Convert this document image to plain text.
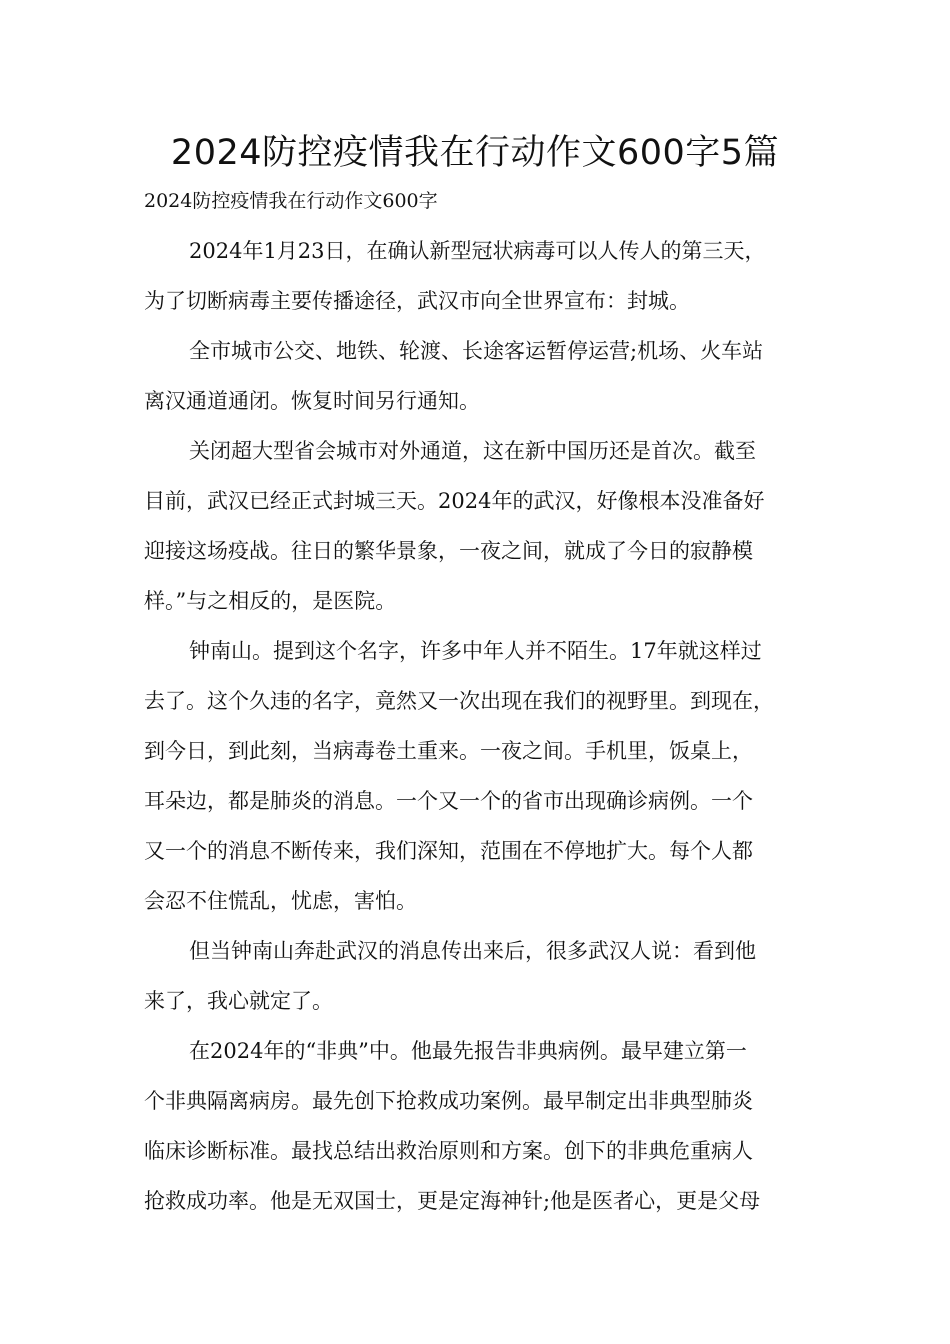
2024防控疫情我在行动作文600字5篇

2024防控疫情我在行动作文600字

2024年1月23日，在确认新型冠状病毒可以人传人的第三天，

为了切断病毒主要传播途径，武汉市向全世界宣布：封城。

全市城市公交、地铁、轮渡、长途客运暂停运营;机场、火车站

离汉通道通闭。恢复时间另行通知。

关闭超大型省会城市对外通道，这在新中国历还是首次。截至

目前，武汉已经正式封城三天。2024年的武汉，好像根本没准备好

迎接这场疫战。往日的繁华景象，一夜之间，就成了今日的寂静模

样。”与之相反的，是医院。

钟南山。提到这个名字，许多中年人并不陌生。17年就这样过

去了。这个久违的名字，竟然又一次出现在我们的视野里。到现在，

到今日，到此刻，当病毒卷土重来。一夜之间。手机里，饭桌上，

耳朵边，都是肺炎的消息。一个又一个的省市出现确诊病例。一个

又一个的消息不断传来，我们深知，范围在不停地扩大。每个人都

会忍不住慌乱，忧虑，害怕。

但当钟南山奔赴武汉的消息传出来后，很多武汉人说：看到他

来了，我心就定了。

在2024年的“非典”中。他最先报告非典病例。最早建立第一

个非典隔离病房。最先创下抢救成功案例。最早制定出非典型肺炎

临床诊断标准。最找总结出救治原则和方案。创下的非典危重病人

抢救成功率。他是无双国士，更是定海神针;他是医者心，更是父母
